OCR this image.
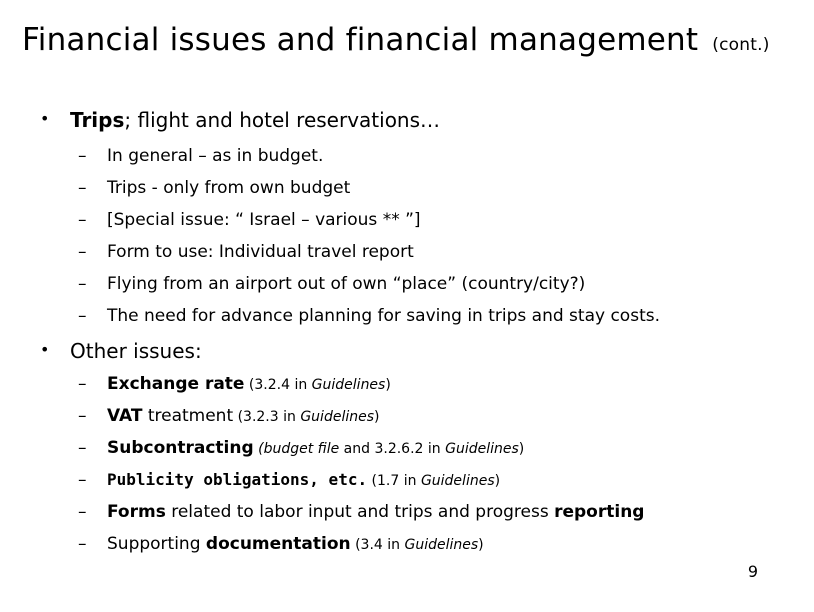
Financial issues and financial management (cont.)
• Trips; flight and hotel reservations…
– In general – as in budget.
– Trips - only from own budget
– [Special issue: “ Israel – various ** ”]
– Form to use: Individual travel report
– Flying from an airport out of own “place” (country/city?)
– The need for advance planning for saving in trips and stay costs.
• Other issues:
– Exchange rate (3.2.4 in Guidelines)
– VAT treatment (3.2.3 in Guidelines)
– Subcontracting (budget file and 3.2.6.2 in Guidelines)
– Publicity obligations, etc. (1.7 in Guidelines)
– Forms related to labor input and trips and progress reporting
– Supporting documentation (3.4 in Guidelines)
9
